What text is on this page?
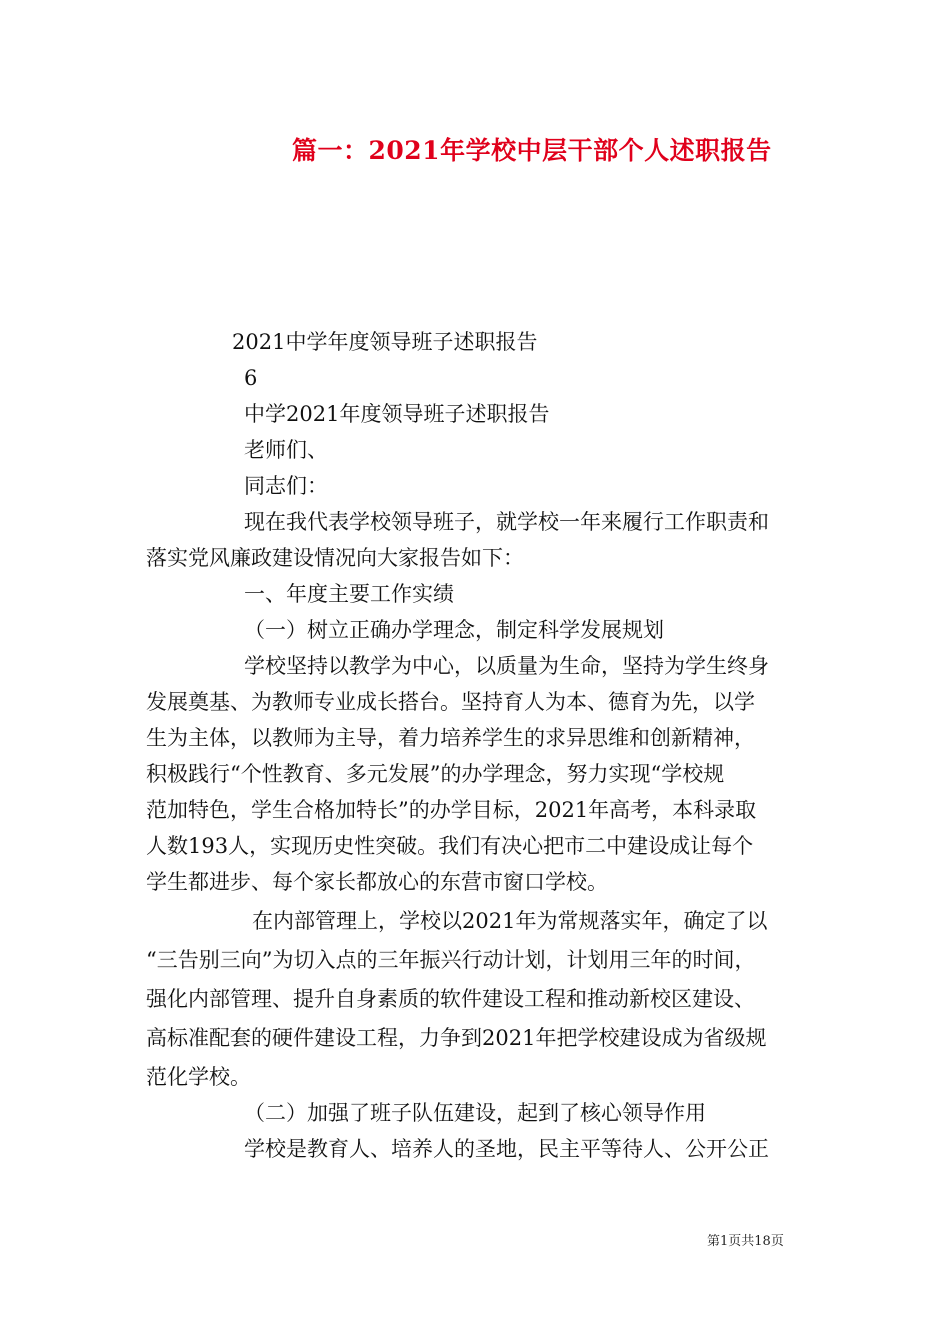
篇一：2021年学校中层干部个人述职报告
2021中学年度领导班子述职报告
6
中学2021年度领导班子述职报告
老师们、
同志们：
现在我代表学校领导班子，就学校一年来履行工作职责和
落实党风廉政建设情况向大家报告如下：
一、年度主要工作实绩
（一）树立正确办学理念，制定科学发展规划
学校坚持以教学为中心，以质量为生命，坚持为学生终身
发展奠基、为教师专业成长搭台。坚持育人为本、德育为先，以学
生为主体，以教师为主导，着力培养学生的求异思维和创新精神，
积极践行“个性教育、多元发展”的办学理念，努力实现“学校规
范加特色，学生合格加特长”的办学目标，2021年高考，本科录取
人数193人，实现历史性突破。我们有决心把市二中建设成让每个
学生都进步、每个家长都放心的东营市窗口学校。
在内部管理上，学校以2021年为常规落实年，确定了以
“三告别三向”为切入点的三年振兴行动计划，计划用三年的时间，
强化内部管理、提升自身素质的软件建设工程和推动新校区建设、
高标准配套的硬件建设工程，力争到2021年把学校建设成为省级规
范化学校。
（二）加强了班子队伍建设，起到了核心领导作用
学校是教育人、培养人的圣地，民主平等待人、公开公正
第1页共18页
